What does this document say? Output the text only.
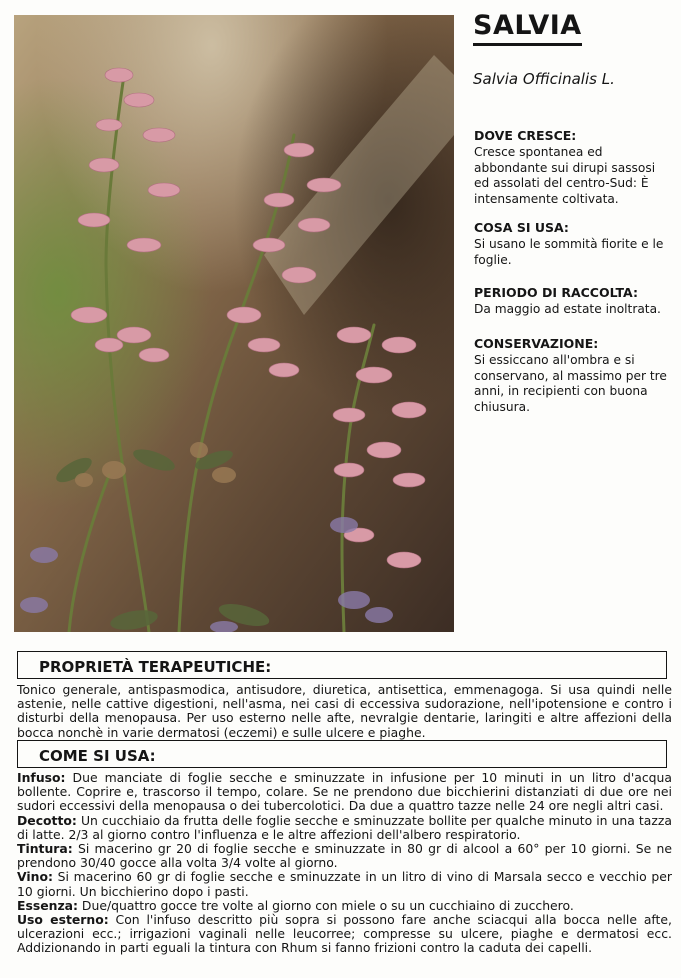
SALVIA
Salvia Officinalis L.
DOVE CRESCE:

Cresce spontanea ed abbondante sui dirupi sassosi ed assolati del centro-Sud: È intensamente coltivata.

COSA SI USA:

Si usano le sommità fiorite e le foglie.

PERIODO DI RACCOLTA:

Da maggio ad estate inoltrata.

CONSERVAZIONE:

Si essiccano all'ombra e si conservano, al massimo per tre anni, in recipienti con buona chiusura.

PROPRIETÀ TERAPEUTICHE:
Tonico generale, antispasmodica, antisudore, diuretica, antisettica, emmenagoga. Si usa quindi nelle astenie, nelle cattive digestioni, nell'asma, nei casi di eccessiva sudorazione, nell'ipotensione e contro i disturbi della menopausa. Per uso esterno nelle afte, nevralgie dentarie, laringiti e altre affezioni della bocca nonchè in varie dermatosi (eczemi) e sulle ulcere e piaghe.
COME SI USA:

Infuso: Due manciate di foglie secche e sminuzzate in infusione per 10 minuti in un litro d'acqua bollente. Coprire e, trascorso il tempo, colare. Se ne prendono due bicchierini distanziati di due ore nei sudori eccessivi della menopausa o dei tubercolotici. Da due a quattro tazze nelle 24 ore negli altri casi.

Decotto: Un cucchiaio da frutta delle foglie secche e sminuzzate bollite per qualche minuto in una tazza di latte. 2/3 al giorno contro l'influenza e le altre affezioni dell'albero respiratorio.

Tintura: Si macerino gr 20 di foglie secche e sminuzzate in 80 gr di alcool a 60° per 10 giorni. Se ne prendono 30/40 gocce alla volta 3/4 volte al giorno.

Vino: Si macerino 60 gr di foglie secche e sminuzzate in un litro di vino di Marsala secco e vecchio per 10 giorni. Un bicchierino dopo i pasti.

Essenza: Due/quattro gocce tre volte al giorno con miele o su un cucchiaino di zucchero.

Uso esterno: Con l'infuso descritto più sopra si possono fare anche sciacqui alla bocca nelle afte, ulcerazioni ecc.; irrigazioni vaginali nelle leucorree; compresse su ulcere, piaghe e dermatosi ecc. Addizionando in parti eguali la tintura con Rhum si fanno frizioni contro la caduta dei capelli.
